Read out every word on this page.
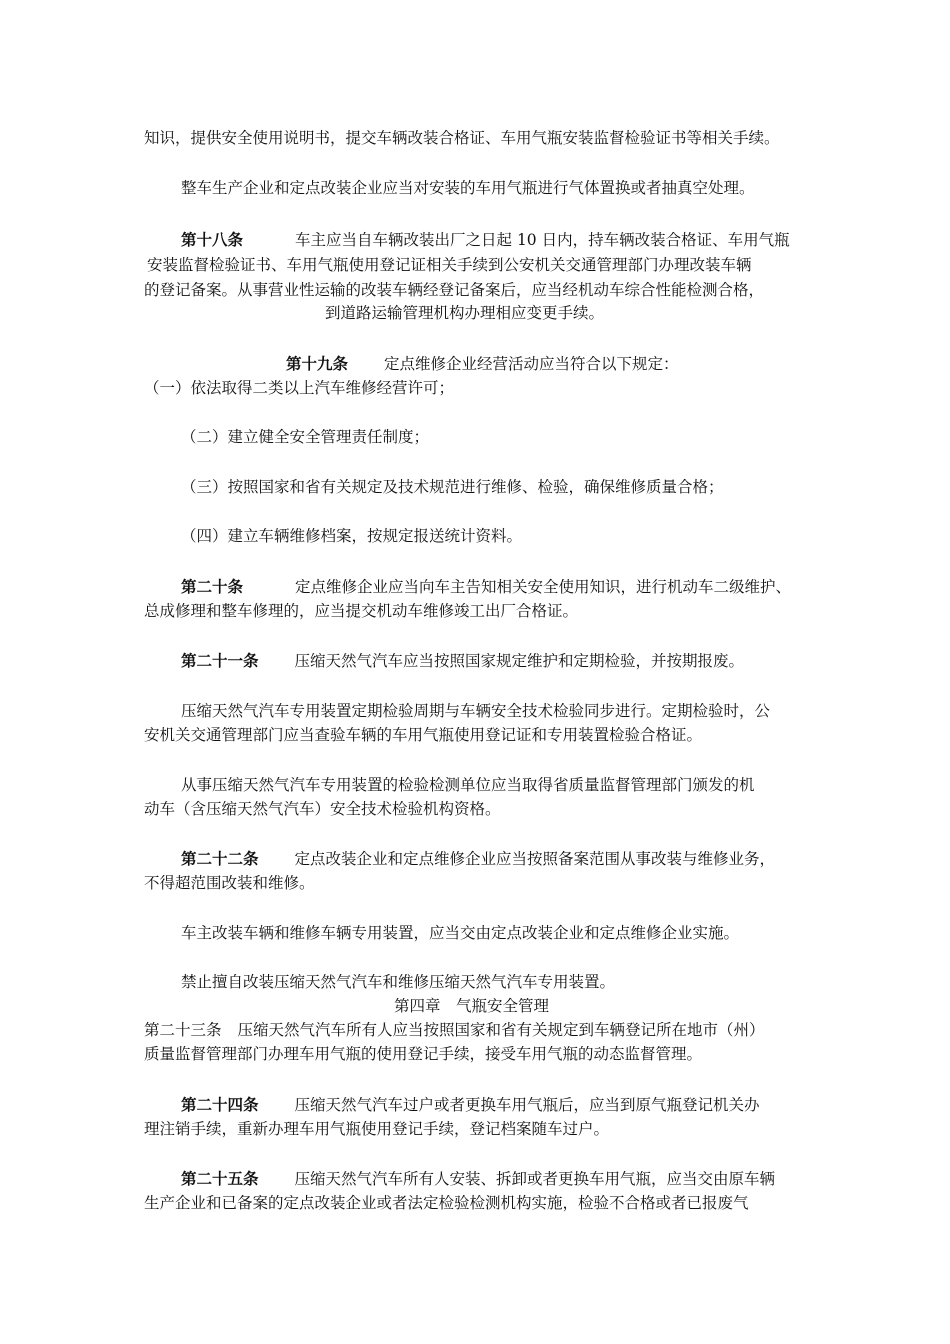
知识，提供安全使用说明书，提交车辆改装合格证、车用气瓶安装监督检验证书等相关手续。
整车生产企业和定点改装企业应当对安装的车用气瓶进行气体置换或者抽真空处理。
第十八条	车主应当自车辆改装出厂之日起 10 日内，持车辆改装合格证、车用气瓶
安装监督检验证书、车用气瓶使用登记证相关手续到公安机关交通管理部门办理改装车辆
的登记备案。从事营业性运输的改装车辆经登记备案后，应当经机动车综合性能检测合格，
到道路运输管理机构办理相应变更手续。
第十九条 定点维修企业经营活动应当符合以下规定：
（一）依法取得二类以上汽车维修经营许可；
（二）建立健全安全管理责任制度；
（三）按照国家和省有关规定及技术规范进行维修、检验，确保维修质量合格；
（四）建立车辆维修档案，按规定报送统计资料。
第二十条	定点维修企业应当向车主告知相关安全使用知识，进行机动车二级维护、
总成修理和整车修理的，应当提交机动车维修竣工出厂合格证。
第二十一条 压缩天然气汽车应当按照国家规定维护和定期检验，并按期报废。
压缩天然气汽车专用装置定期检验周期与车辆安全技术检验同步进行。定期检验时，公
安机关交通管理部门应当查验车辆的车用气瓶使用登记证和专用装置检验合格证。
从事压缩天然气汽车专用装置的检验检测单位应当取得省质量监督管理部门颁发的机
动车（含压缩天然气汽车）安全技术检验机构资格。
第二十二条 定点改装企业和定点维修企业应当按照备案范围从事改装与维修业务，
不得超范围改装和维修。
车主改装车辆和维修车辆专用装置，应当交由定点改装企业和定点维修企业实施。
禁止擅自改装压缩天然气汽车和维修压缩天然气汽车专用装置。
第四章　气瓶安全管理
第二十三条 压缩天然气汽车所有人应当按照国家和省有关规定到车辆登记所在地市（州）
质量监督管理部门办理车用气瓶的使用登记手续，接受车用气瓶的动态监督管理。
第二十四条 压缩天然气汽车过户或者更换车用气瓶后，应当到原气瓶登记机关办
理注销手续，重新办理车用气瓶使用登记手续，登记档案随车过户。
第二十五条 压缩天然气汽车所有人安装、拆卸或者更换车用气瓶，应当交由原车辆
生产企业和已备案的定点改装企业或者法定检验检测机构实施，检验不合格或者已报废气
